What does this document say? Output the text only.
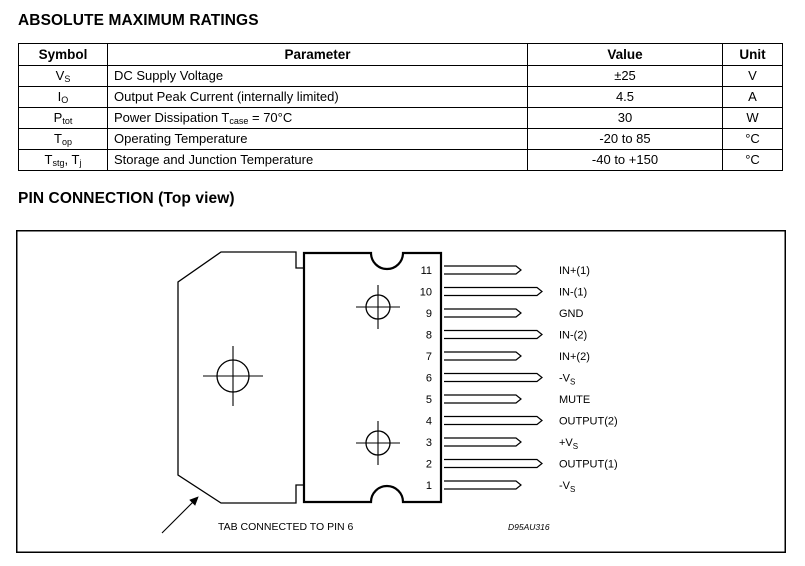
ABSOLUTE MAXIMUM RATINGS
Symbol	Parameter	Value	Unit
$V_S$	DC Supply Voltage	±25	V
$I_O$	Output Peak Current (internally limited)	4.5	A
$P_{tot}$	Power Dissipation $T_{case} = 70^\circ C$	30	W
$T_{op}$	Operating Temperature	-20 to 85	°C
$T_{stg}$, $T_j$	Storage and Junction Temperature	-40 to +150	°C
PIN CONNECTION (Top view)
11	IN+(1)
10	IN-(1)
9	GND
8	IN-(2)
7	IN+(2)
6	$-V_S$
5	MUTE
4	OUTPUT(2)
3	$+V_S$
2	OUTPUT(1)
1	$-V_S$
TAB CONNECTED TO PIN 6	D95AU316
